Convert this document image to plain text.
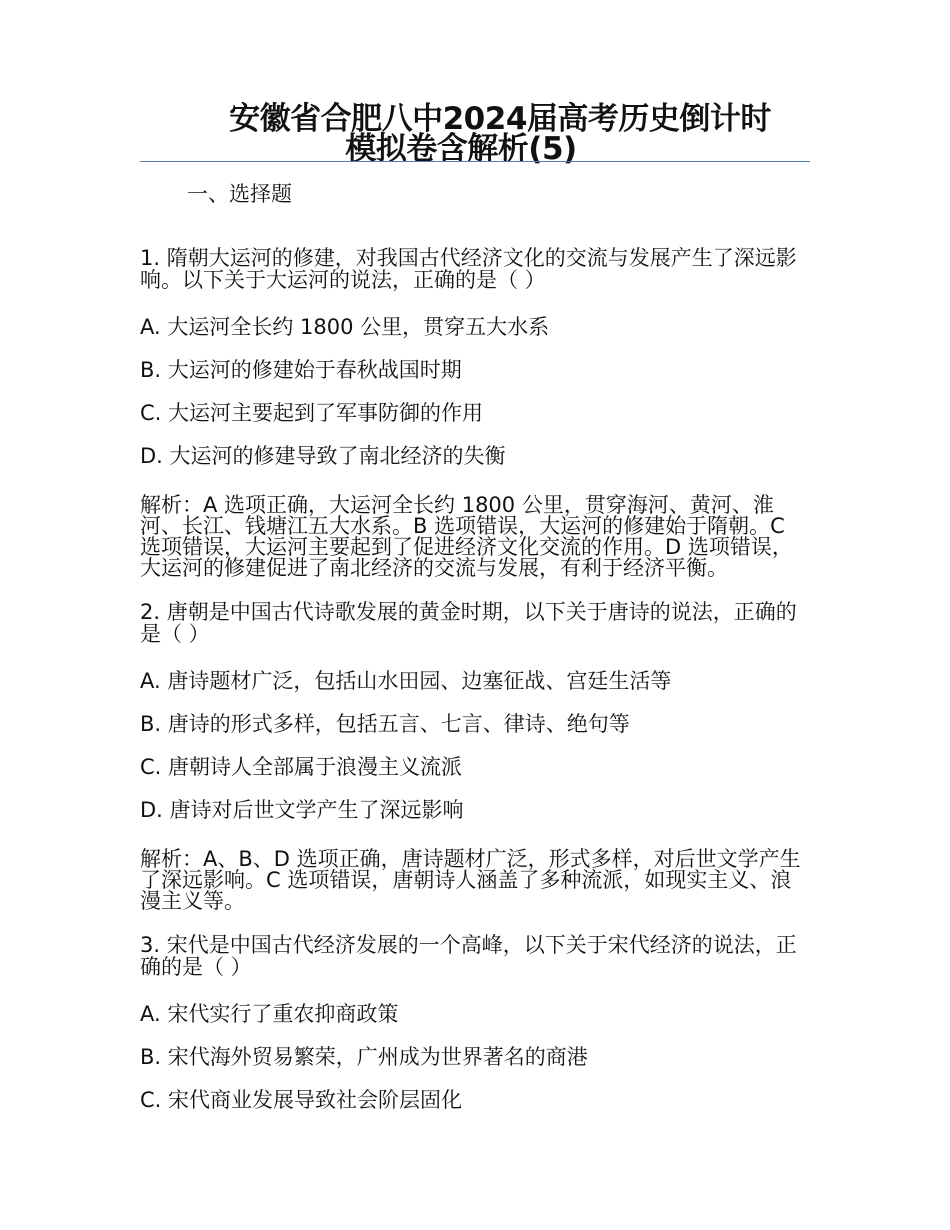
安徽省合肥八中2024届高考历史倒计时
模拟卷含解析(5)
一、选择题

1. 隋朝大运河的修建，对我国古代经济文化的交流与发展产生了深远影响。以下关于大运河的说法，正确的是（ ）

A. 大运河全长约 1800 公里，贯穿五大水系
B. 大运河的修建始于春秋战国时期
C. 大运河主要起到了军事防御的作用
D. 大运河的修建导致了南北经济的失衡

解析：A 选项正确，大运河全长约 1800 公里，贯穿海河、黄河、淮河、长江、钱塘江五大水系。B 选项错误，大运河的修建始于隋朝。C 选项错误，大运河主要起到了促进经济文化交流的作用。D 选项错误，大运河的修建促进了南北经济的交流与发展，有利于经济平衡。

2. 唐朝是中国古代诗歌发展的黄金时期，以下关于唐诗的说法，正确的是（ ）

A. 唐诗题材广泛，包括山水田园、边塞征战、宫廷生活等
B. 唐诗的形式多样，包括五言、七言、律诗、绝句等
C. 唐朝诗人全部属于浪漫主义流派
D. 唐诗对后世文学产生了深远影响

解析：A、B、D 选项正确，唐诗题材广泛，形式多样，对后世文学产生了深远影响。C 选项错误，唐朝诗人涵盖了多种流派，如现实主义、浪漫主义等。

3. 宋代是中国古代经济发展的一个高峰，以下关于宋代经济的说法，正确的是（ ）

A. 宋代实行了重农抑商政策
B. 宋代海外贸易繁荣，广州成为世界著名的商港
C. 宋代商业发展导致社会阶层固化
